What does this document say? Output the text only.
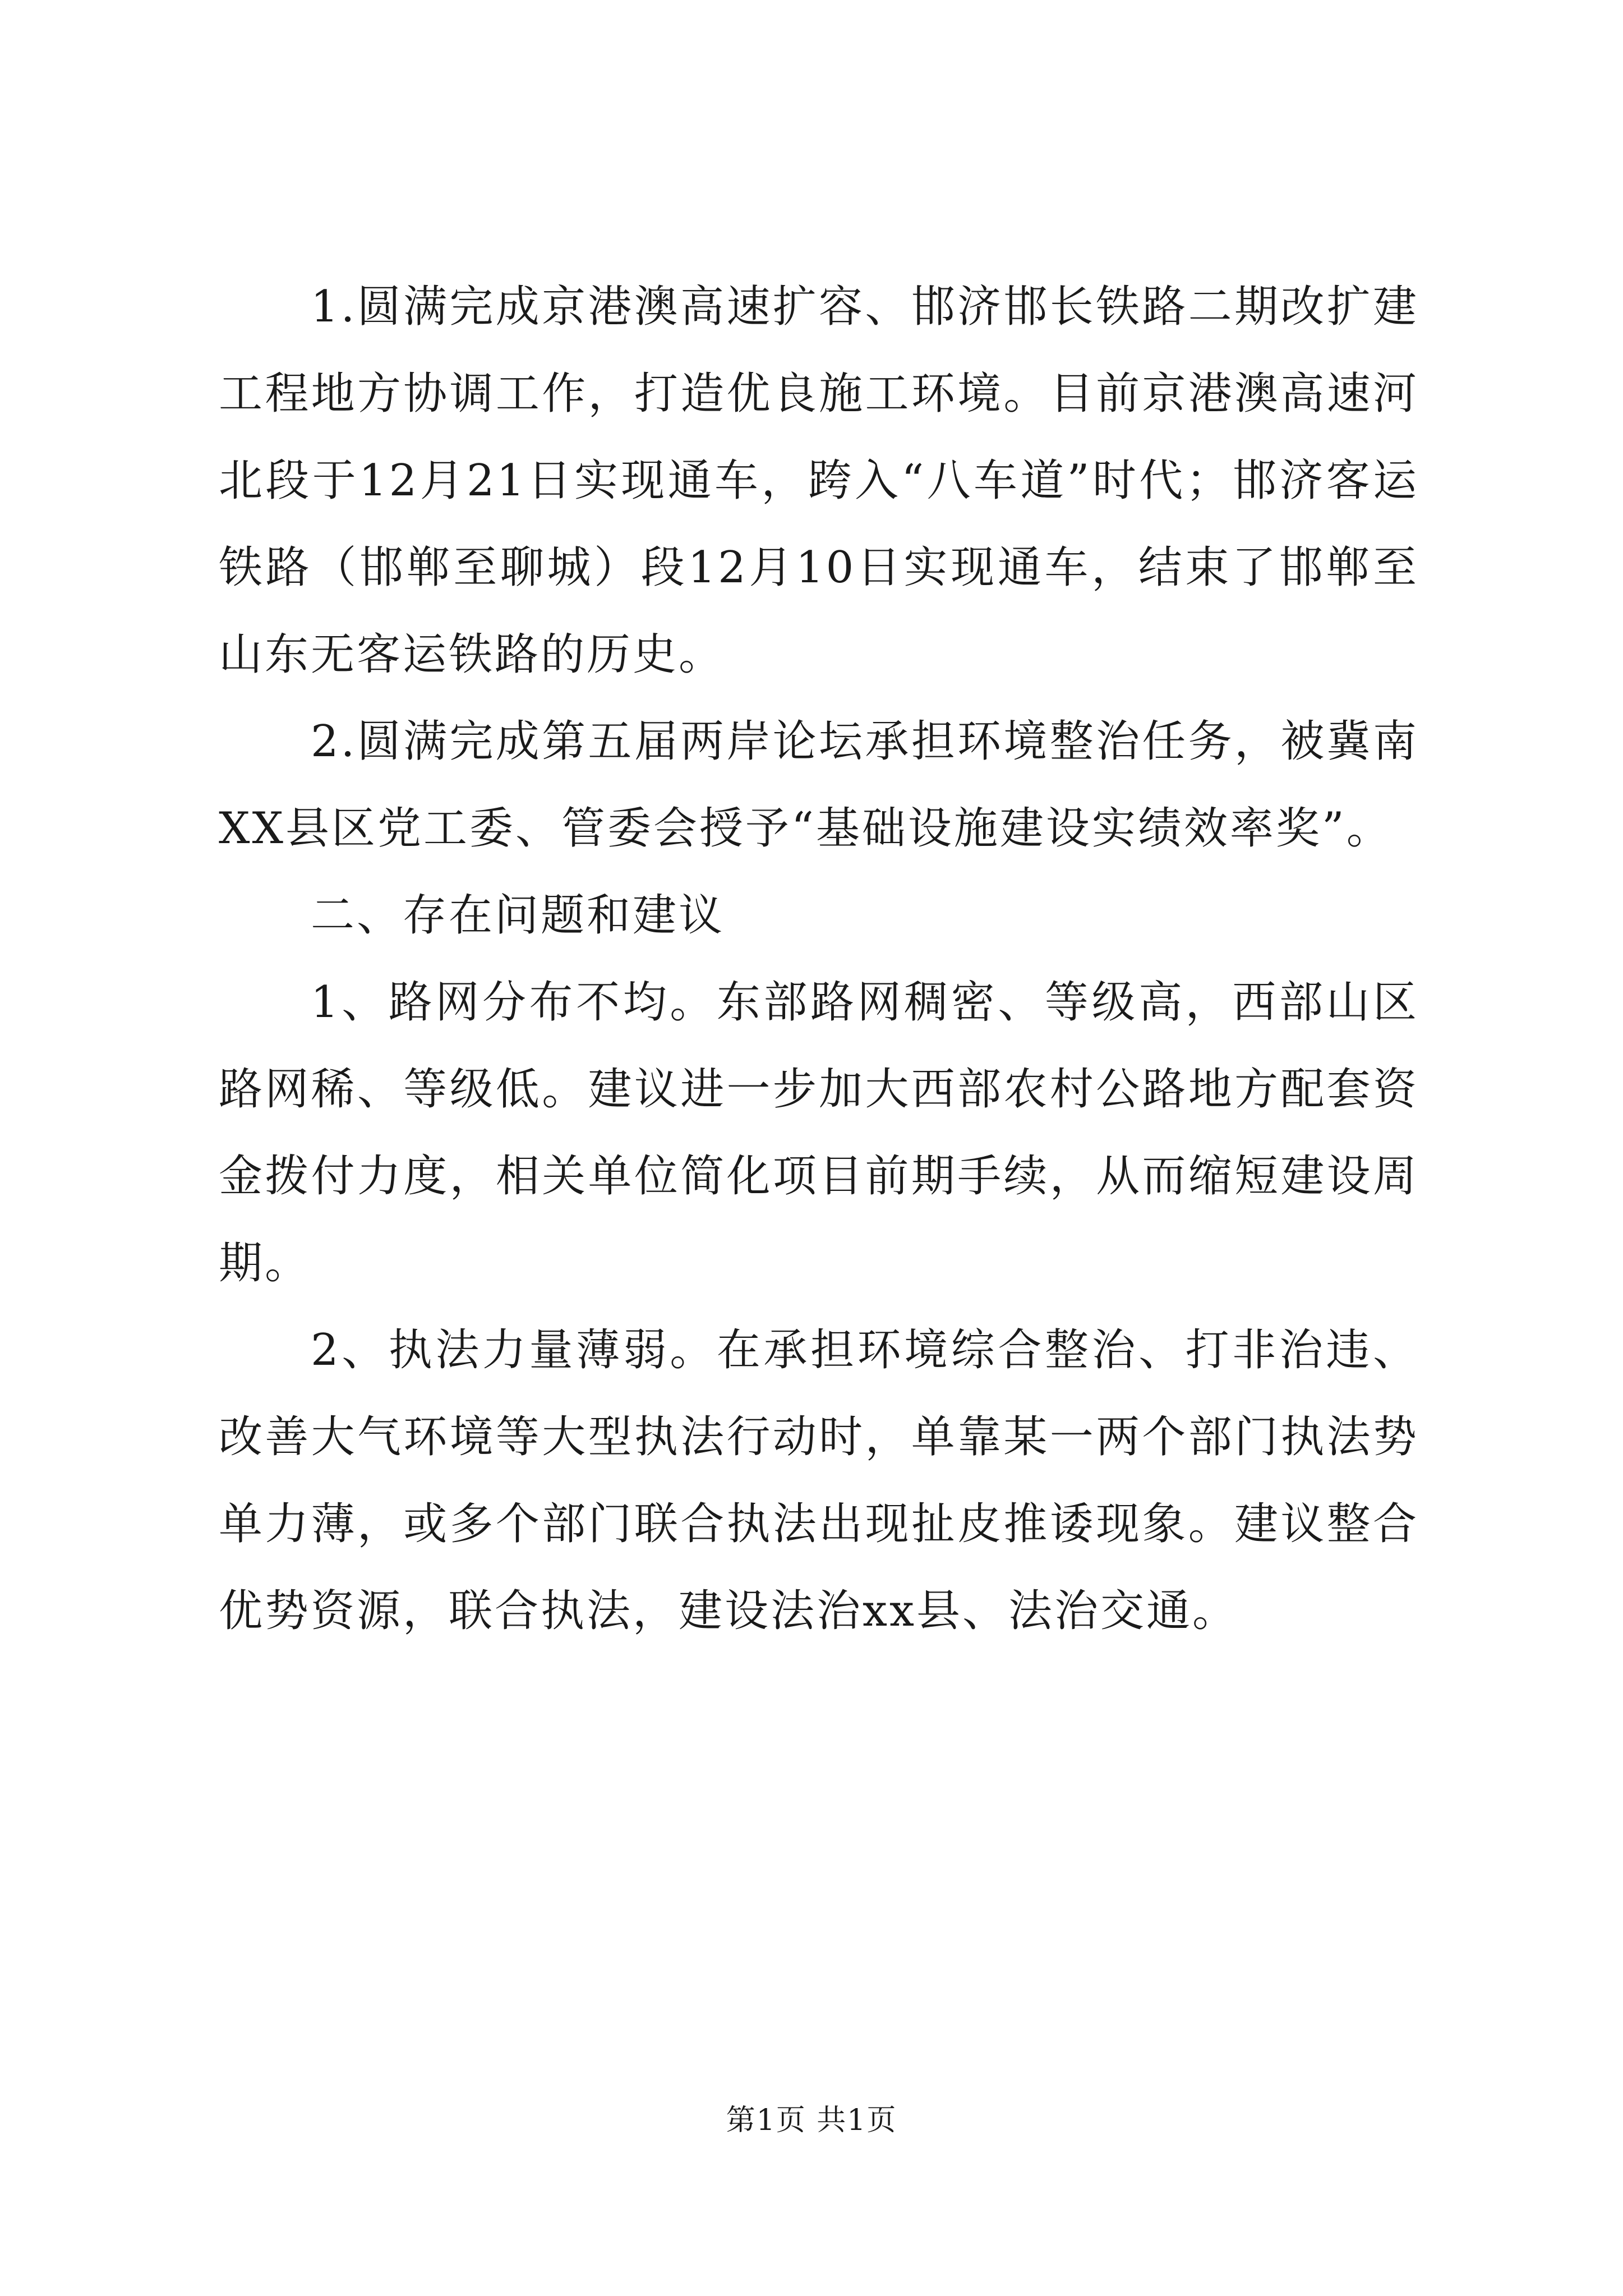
1.圆满完成京港澳高速扩容、邯济邯长铁路二期改扩建工程地方协调工作，打造优良施工环境。目前京港澳高速河北段于12月21日实现通车，跨入“八车道”时代；邯济客运铁路（邯郸至聊城）段12月10日实现通车，结束了邯郸至山东无客运铁路的历史。

2.圆满完成第五届两岸论坛承担环境整治任务，被冀南XX县区党工委、管委会授予“基础设施建设实绩效率奖”。

二、存在问题和建议

1、路网分布不均。东部路网稠密、等级高，西部山区路网稀、等级低。建议进一步加大西部农村公路地方配套资金拨付力度，相关单位简化项目前期手续，从而缩短建设周期。

2、执法力量薄弱。在承担环境综合整治、打非治违、改善大气环境等大型执法行动时，单靠某一两个部门执法势单力薄，或多个部门联合执法出现扯皮推诿现象。建议整合优势资源，联合执法，建设法治xx县、法治交通。

第1页 共1页
